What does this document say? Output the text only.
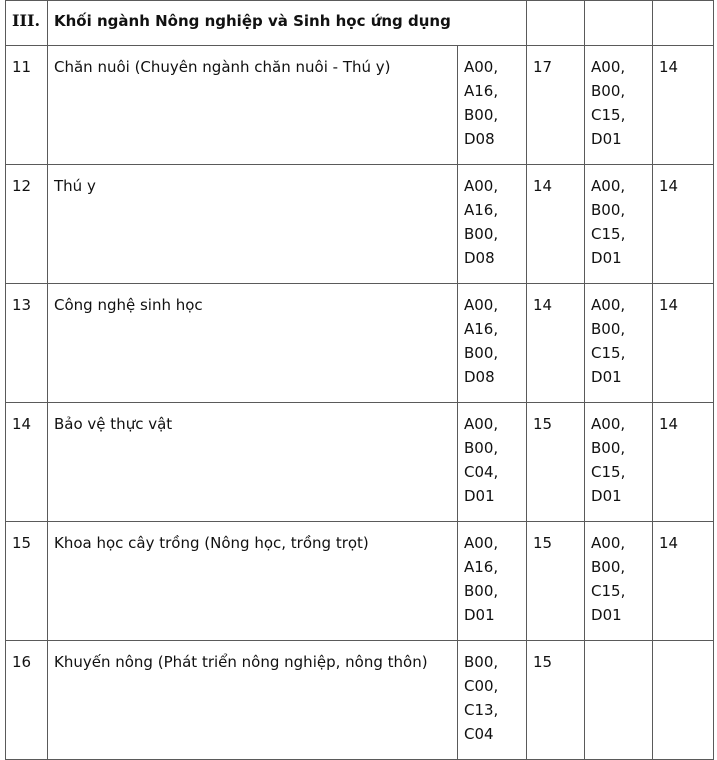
III.	Khối ngành Nông nghiệp và Sinh học ứng dụng				
11	Chăn nuôi (Chuyên ngành chăn nuôi - Thú y)	A00,
A16,
B00,
D08	17	A00,
B00,
C15,
D01	14
12	Thú y	A00,
A16,
B00,
D08	14	A00,
B00,
C15,
D01	14
13	Công nghệ sinh học	A00,
A16,
B00,
D08	14	A00,
B00,
C15,
D01	14
14	Bảo vệ thực vật	A00,
B00,
C04,
D01	15	A00,
B00,
C15,
D01	14
15	Khoa học cây trồng (Nông học, trồng trọt)	A00,
A16,
B00,
D01	15	A00,
B00,
C15,
D01	14
16	Khuyến nông (Phát triển nông nghiệp, nông thôn)	B00,
C00,
C13,
C04	15	
